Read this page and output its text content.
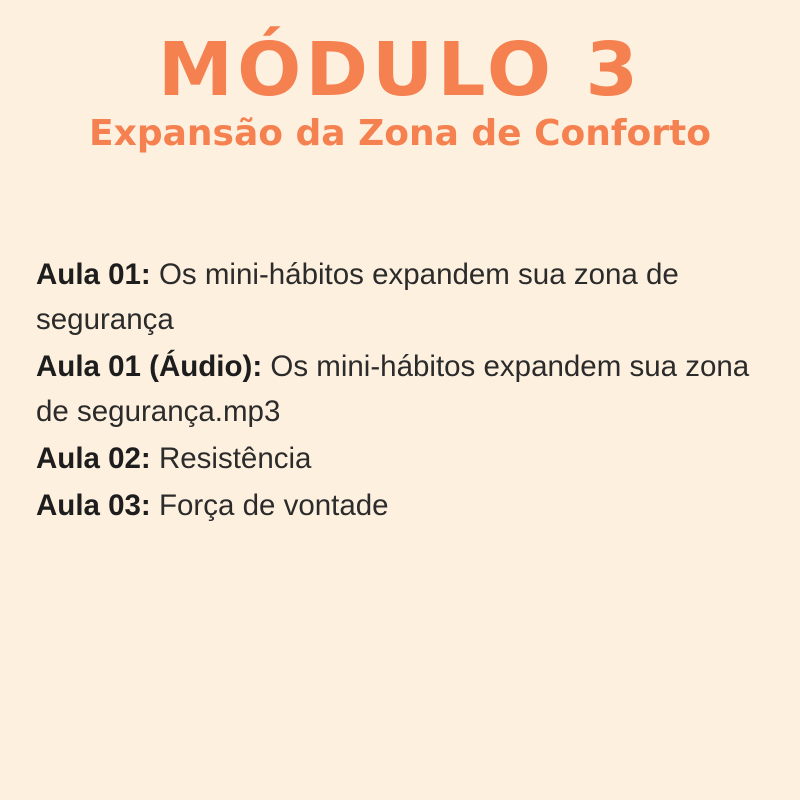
MÓDULO 3
Expansão da Zona de Conforto
Aula 01: Os mini-hábitos expandem sua zona de segurança
Aula 01 (Áudio): Os mini-hábitos expandem sua zona de segurança.mp3
Aula 02: Resistência
Aula 03: Força de vontade
